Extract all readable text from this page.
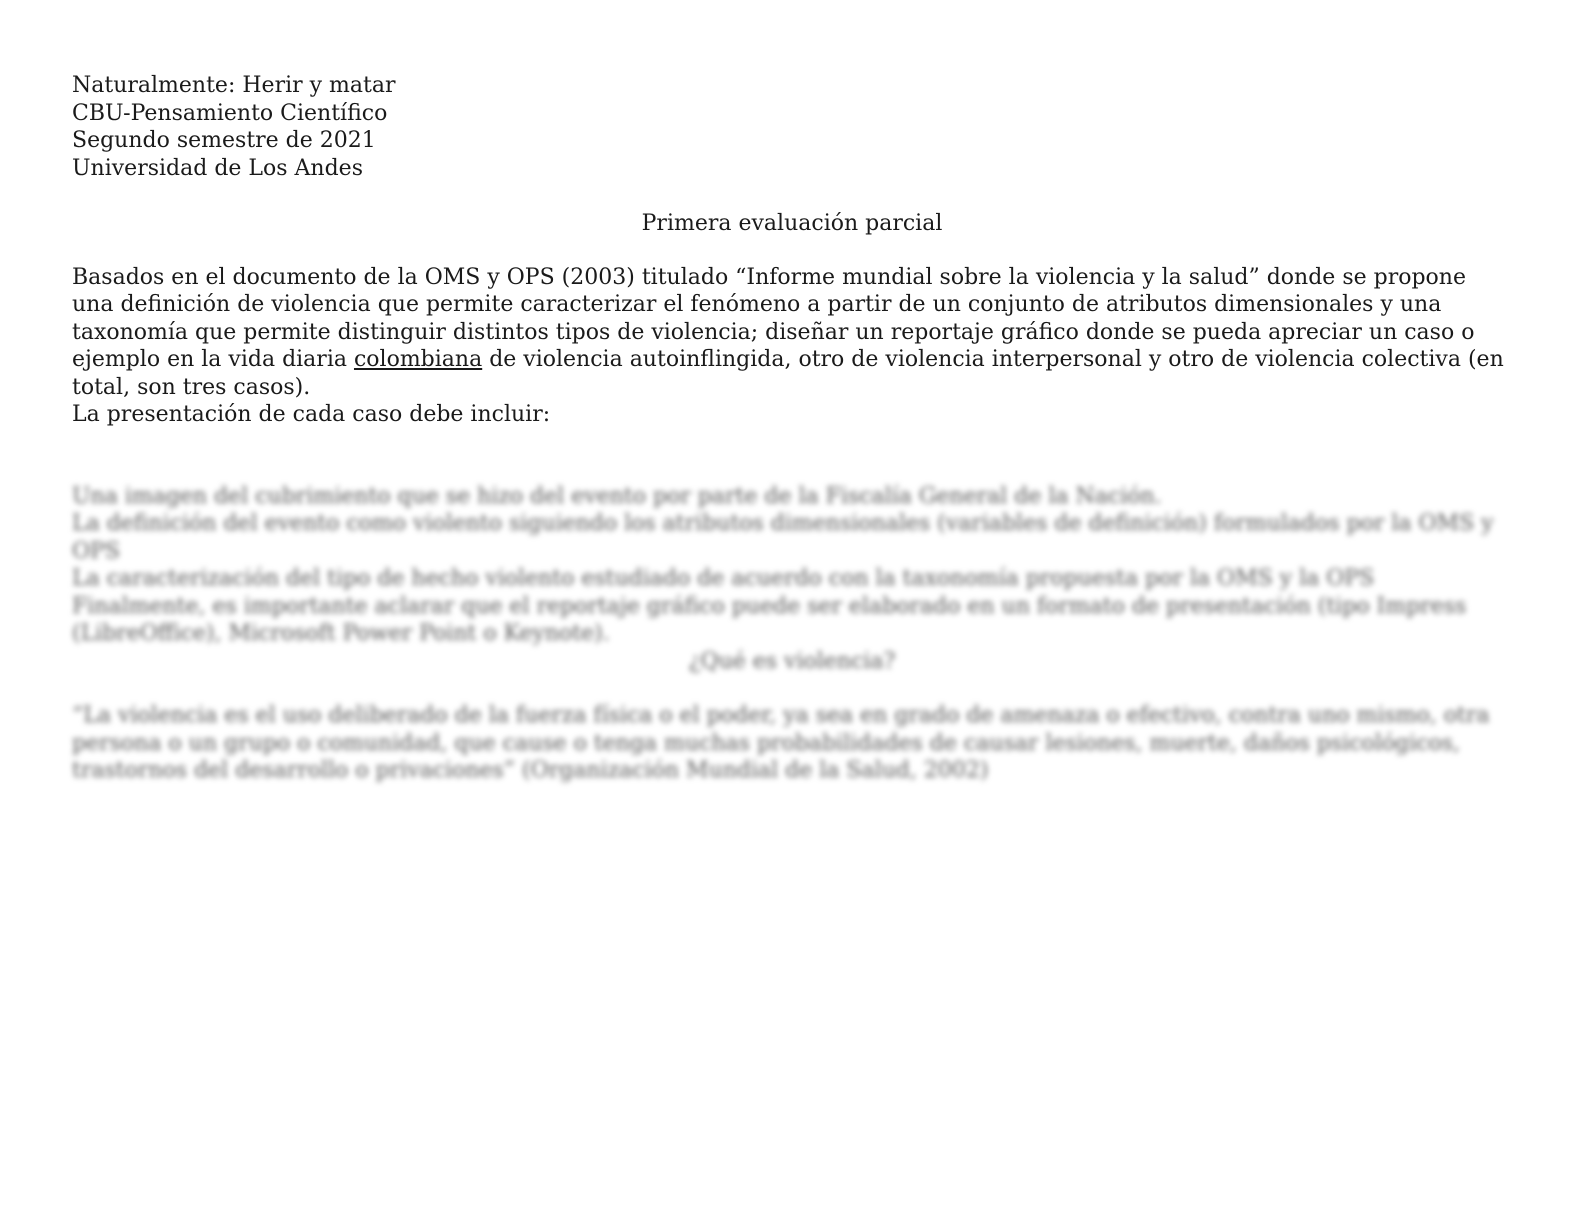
Naturalmente: Herir y matar
CBU-Pensamiento Científico
Segundo semestre de 2021
Universidad de Los Andes
Primera evaluación parcial

Basados en el documento de la OMS y OPS (2003) titulado “Informe mundial sobre la violencia y la salud” donde se propone una definición de violencia que permite caracterizar el fenómeno a partir de un conjunto de atributos dimensionales y una taxonomía que permite distinguir distintos tipos de violencia; diseñar un reportaje gráfico donde se pueda apreciar un caso o ejemplo en la vida diaria colombiana de violencia autoinflingida, otro de violencia interpersonal y otro de violencia colectiva (en total, son tres casos).

La presentación de cada caso debe incluir:

Una imagen del cubrimiento que se hizo del evento por parte de la Fiscalía General de la Nación.
La definición del evento como violento siguiendo los atributos dimensionales (variables de definición) formulados por la OMS y OPS
La caracterización del tipo de hecho violento estudiado de acuerdo con la taxonomía propuesta por la OMS y la OPS
Finalmente, es importante aclarar que el reportaje gráfico puede ser elaborado en un formato de presentación (tipo Impress (LibreOffice), Microsoft Power Point o Keynote).
¿Qué es violencia?
“La violencia es el uso deliberado de la fuerza física o el poder, ya sea en grado de amenaza o efectivo, contra uno mismo, otra persona o un grupo o comunidad, que cause o tenga muchas probabilidades de causar lesiones, muerte, daños psicológicos, trastornos del desarrollo o privaciones” (Organización Mundial de la Salud, 2002)
